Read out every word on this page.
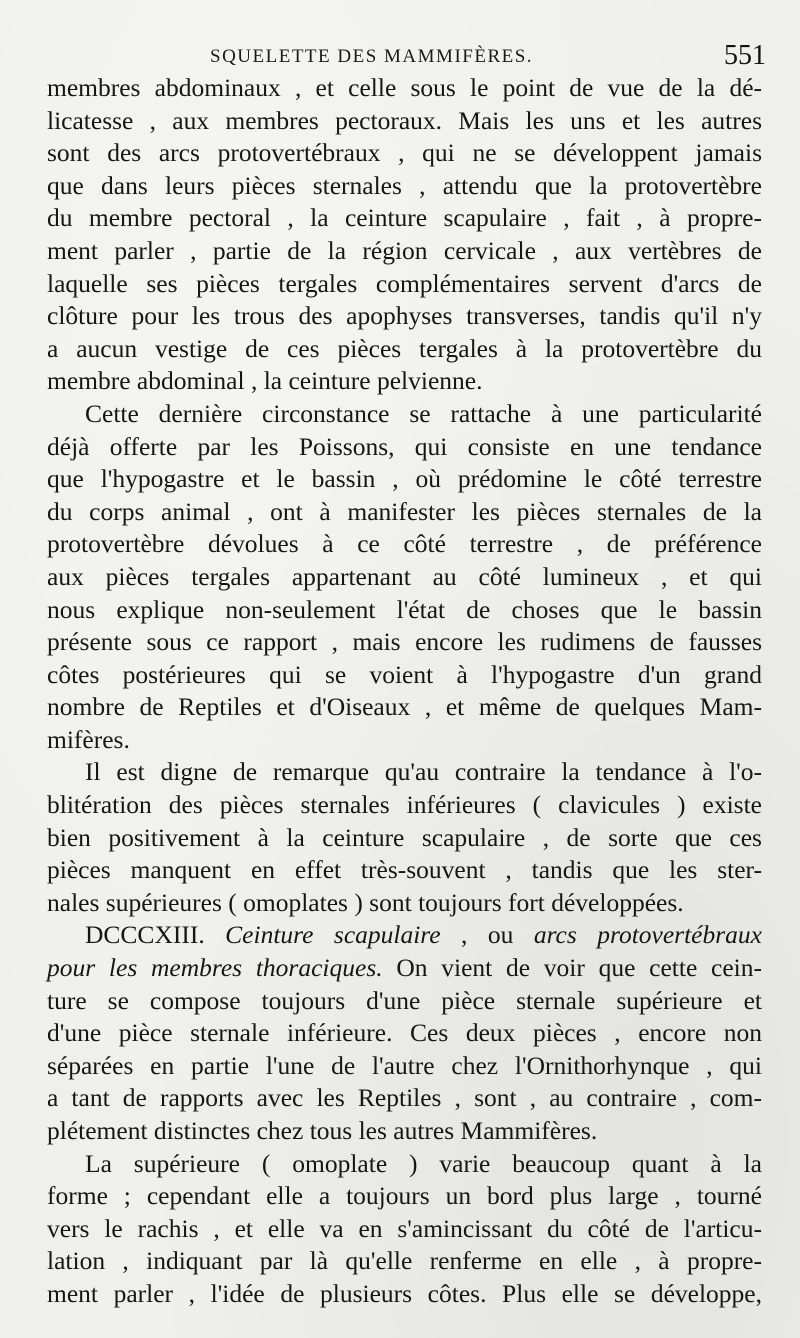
SQUELETTE DES MAMMIFÈRES.	551
membres abdominaux , et celle sous le point de vue de la dé-
licatesse , aux membres pectoraux. Mais les uns et les autres
sont des arcs protovertébraux , qui ne se développent jamais
que dans leurs pièces sternales , attendu que la protovertèbre
du membre pectoral , la ceinture scapulaire , fait , à propre-
ment parler , partie de la région cervicale , aux vertèbres de
laquelle ses pièces tergales complémentaires servent d'arcs de
clôture pour les trous des apophyses transverses, tandis qu'il n'y
a aucun vestige de ces pièces tergales à la protovertèbre du
membre abdominal , la ceinture pelvienne.
Cette dernière circonstance se rattache à une particularité
déjà offerte par les Poissons, qui consiste en une tendance
que l'hypogastre et le bassin , où prédomine le côté terrestre
du corps animal , ont à manifester les pièces sternales de la
protovertèbre dévolues à ce côté terrestre , de préférence
aux pièces tergales appartenant au côté lumineux , et qui
nous explique non-seulement l'état de choses que le bassin
présente sous ce rapport , mais encore les rudimens de fausses
côtes postérieures qui se voient à l'hypogastre d'un grand
nombre de Reptiles et d'Oiseaux , et même de quelques Mam-
mifères.
Il est digne de remarque qu'au contraire la tendance à l'o-
blitération des pièces sternales inférieures ( clavicules ) existe
bien positivement à la ceinture scapulaire , de sorte que ces
pièces manquent en effet très-souvent , tandis que les ster-
nales supérieures ( omoplates ) sont toujours fort développées.
DCCCXIII. Ceinture scapulaire , ou arcs protovertébraux
pour les membres thoraciques. On vient de voir que cette cein-
ture se compose toujours d'une pièce sternale supérieure et
d'une pièce sternale inférieure. Ces deux pièces , encore non
séparées en partie l'une de l'autre chez l'Ornithorhynque , qui
a tant de rapports avec les Reptiles , sont , au contraire , com-
plétement distinctes chez tous les autres Mammifères.
La supérieure ( omoplate ) varie beaucoup quant à la
forme ; cependant elle a toujours un bord plus large , tourné
vers le rachis , et elle va en s'amincissant du côté de l'articu-
lation , indiquant par là qu'elle renferme en elle , à propre-
ment parler , l'idée de plusieurs côtes. Plus elle se développe,
